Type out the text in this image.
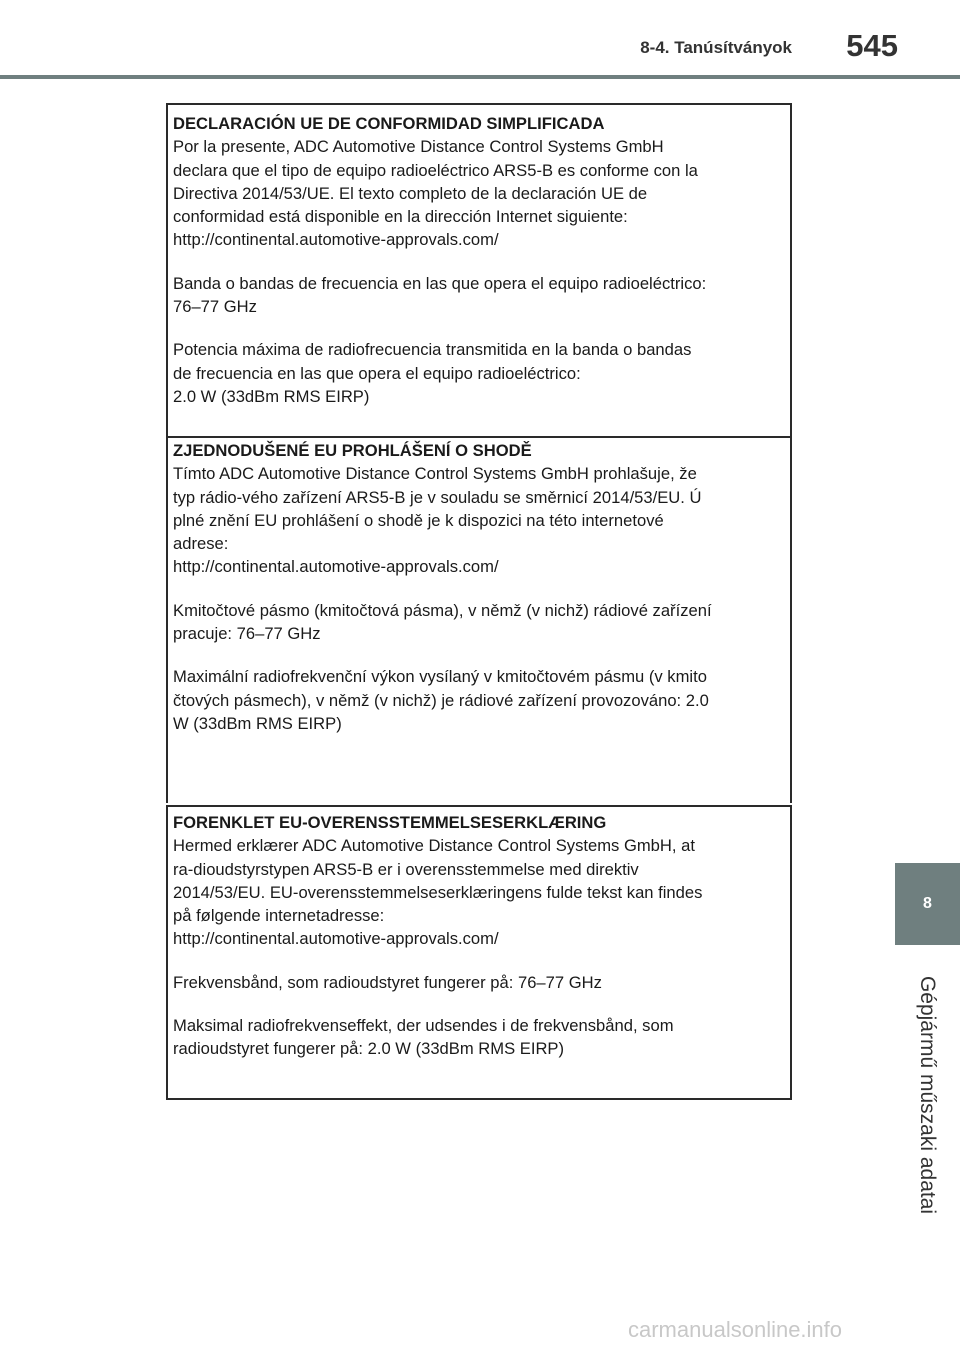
8-4. Tanúsítványok	545
8
Gépjármű műszaki adatai
DECLARACIÓN UE DE CONFORMIDAD SIMPLIFICADA

Por la presente, ADC Automotive Distance Control Systems GmbH

declara que el tipo de equipo radioeléctrico ARS5-B es conforme con la

Directiva 2014/53/UE. El texto completo de la declaración UE de

conformidad está disponible en la dirección Internet siguiente:

http://continental.automotive-approvals.com/

Banda o bandas de frecuencia en las que opera el equipo radioeléctrico:

76–77 GHz

Potencia máxima de radiofrecuencia transmitida en la banda o bandas

de frecuencia en las que opera el equipo radioeléctrico:

2.0 W (33dBm RMS EIRP)

ZJEDNODUŠENÉ EU PROHLÁŠENÍ O SHODĚ

Tímto ADC Automotive Distance Control Systems GmbH prohlašuje, že

typ rádio-vého zařízení ARS5-B je v souladu se směrnicí 2014/53/EU. Ú

plné znění EU prohlášení o shodě je k dispozici na této internetové

adrese:

http://continental.automotive-approvals.com/

Kmitočtové pásmo (kmitočtová pásma), v němž (v nichž) rádiové zařízení

pracuje: 76–77 GHz

Maximální radiofrekvenční výkon vysílaný v kmitočtovém pásmu (v kmito

čtových pásmech), v němž (v nichž) je rádiové zařízení provozováno: 2.0

W (33dBm RMS EIRP)

FORENKLET EU-OVERENSSTEMMELSESERKLÆRING

Hermed erklærer ADC Automotive Distance Control Systems GmbH, at

ra-dioudstyrstypen ARS5-B er i overensstemmelse med direktiv

2014/53/EU. EU-overensstemmelseserklæringens fulde tekst kan findes

på følgende internetadresse:

http://continental.automotive-approvals.com/

Frekvensbånd, som radioudstyret fungerer på: 76–77 GHz

Maksimal radiofrekvenseffekt, der udsendes i de frekvensbånd, som

radioudstyret fungerer på: 2.0 W (33dBm RMS EIRP)

carmanualsonline.info
